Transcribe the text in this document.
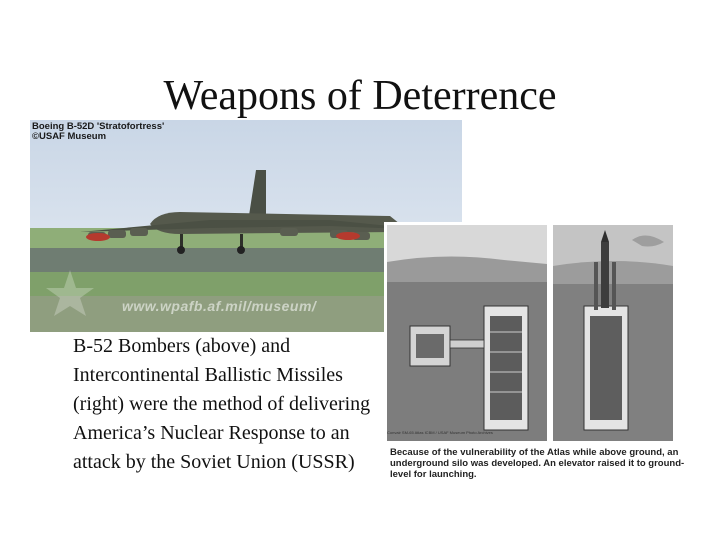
Weapons of Deterrence
Boeing B-52D 'Stratofortress'
©USAF Museum
www.wpafb.af.mil/museum/
Convair SM-65 Atlas ICBM / USAF Museum Photo Archives
Because of the vulnerability of the Atlas while above ground, an underground silo was developed. An elevator raised it to ground-level for launching.
B-52 Bombers (above) and Intercontinental Ballistic Missiles (right) were the method of delivering America’s Nuclear Response to an attack by the Soviet Union (USSR)
